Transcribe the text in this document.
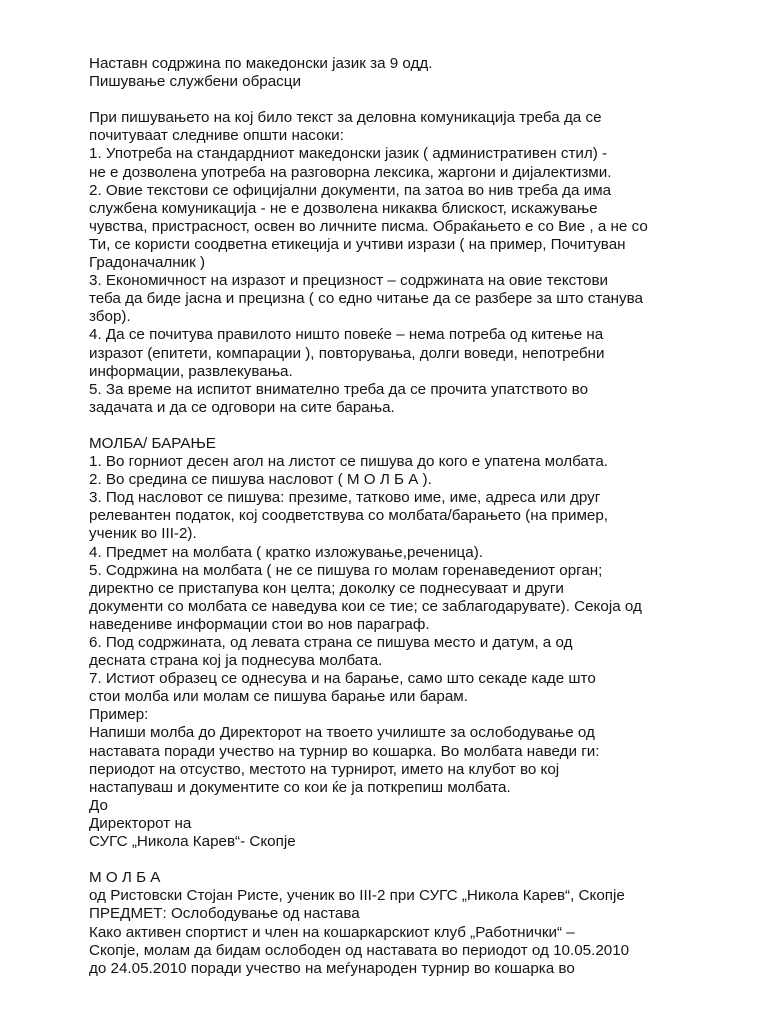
Наставн содржина по македонски јазик за 9 одд.
Пишување службени обрасци
При пишувањето на кој било текст за деловна комуникација треба да се
почитуваат следниве општи насоки:
1. Употреба на стандардниот македонски јазик ( административен стил) -
не е дозволена употреба на разговорна лексика, жаргони и дијалектизми.
2. Овие текстови се официјални документи, па затоа во нив треба да има
службена комуникација - не е дозволена никаква блискост, искажување
чувства, пристрасност, освен во личните писма. Обраќањето е со Вие , а не со
Ти, се користи соодветна етикеција и учтиви изрази ( на пример, Почитуван
Градоначалник )
3. Економичност на изразот и прецизност – содржината на овие текстови
теба да биде јасна и прецизна ( со едно читање да се разбере за што станува
збор).
4. Да се почитува правилото ништо повеќе – нема потреба од китење на
изразот (епитети, компарации ), повторувања, долги воведи, непотребни
информации, развлекувања.
5. За време на испитот внимателно треба да се прочита упатството во
задачата и да се одговори на сите барања.
МОЛБА/ БАРАЊЕ
1. Во горниот десен агол на листот се пишува до кого е упатена молбата.
2. Во средина се пишува насловот ( М О Л Б А ).
3. Под насловот се пишува: презиме, татково име, име, адреса или друг
релевантен податок, кој соодветствува со молбата/барањето (на пример,
ученик во III-2).
4. Предмет на молбата ( кратко изложување,реченица).
5. Содржина на молбата ( не се пишува го молам горенаведениот орган;
директно се пристапува кон целта; доколку се поднесуваат и други
документи со молбата се наведува кои се тие; се заблагодарувате). Секоја од
наведениве информации стои во нов параграф.
6. Под содржината, од левата страна се пишува место и датум, а од
десната страна кој ја поднесува молбата.
7. Истиот образец се однесува и на барање, само што секаде каде што
стои молба или молам се пишува барање или барам.
Пример:
Напиши молба до Директорот на твоето училиште за ослободување од
наставата поради учество на турнир во кошарка. Во молбата наведи ги:
периодот на отсуство, местото на турнирот, името на клубот во кој
настапуваш и документите со кои ќе ја поткрепиш молбата.
До
Директорот на
СУГС „Никола Карев“- Скопје
М О Л Б А
од Ристовски Стојан Ристе, ученик во III-2 при СУГС „Никола Карев“, Скопје
ПРЕДМЕТ: Ослободување од настава
Како активен спортист и член на кошаркарскиот клуб „Работнички“ –
Скопје, молам да бидам ослободен од наставата во периодот од 10.05.2010
до 24.05.2010 поради учество на меѓународен турнир во кошарка во
